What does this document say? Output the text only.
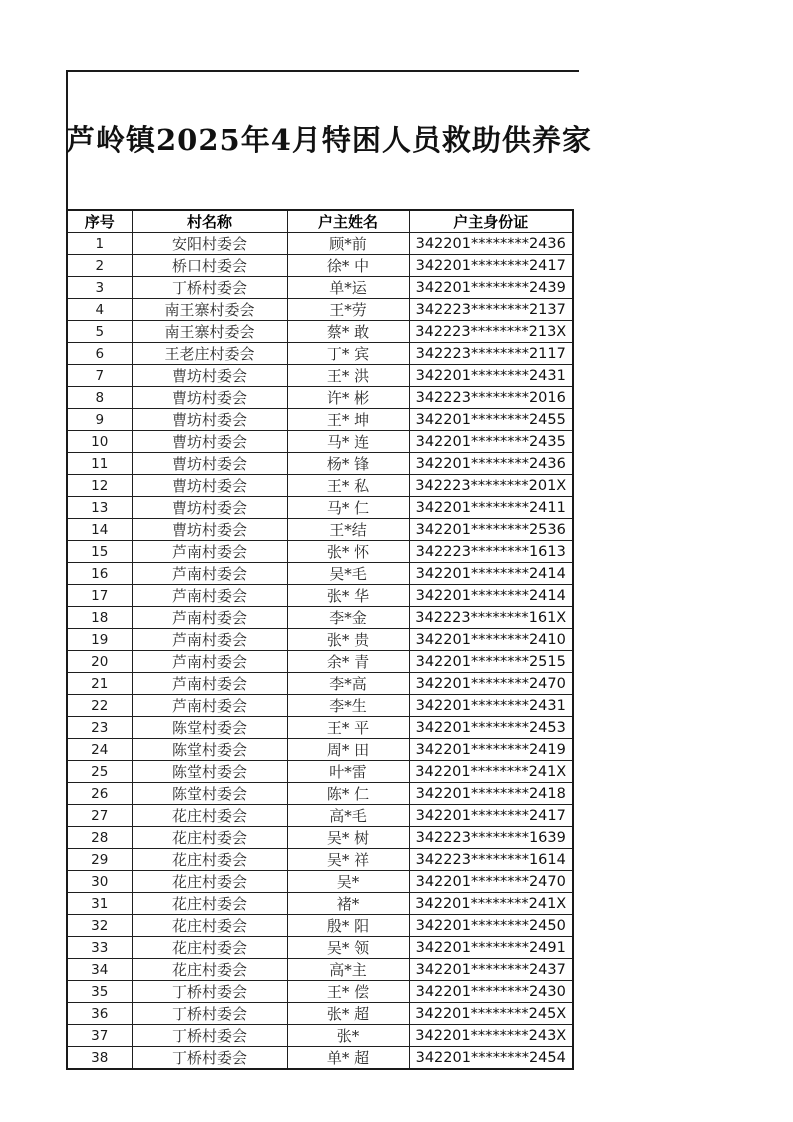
芦岭镇2025年4月特困人员救助供养家
序号	村名称	户主姓名	户主身份证
1	安阳村委会	顾*前	342201********2436
2	桥口村委会	徐* 中	342201********2417
3	丁桥村委会	单*运	342201********2439
4	南王寨村委会	王*劳	342223********2137
5	南王寨村委会	蔡* 敢	342223********213X
6	王老庄村委会	丁* 宾	342223********2117
7	曹坊村委会	王* 洪	342201********2431
8	曹坊村委会	许* 彬	342223********2016
9	曹坊村委会	王* 坤	342201********2455
10	曹坊村委会	马* 连	342201********2435
11	曹坊村委会	杨* 锋	342201********2436
12	曹坊村委会	王* 私	342223********201X
13	曹坊村委会	马* 仁	342201********2411
14	曹坊村委会	王*结	342201********2536
15	芦南村委会	张* 怀	342223********1613
16	芦南村委会	吴*毛	342201********2414
17	芦南村委会	张* 华	342201********2414
18	芦南村委会	李*金	342223********161X
19	芦南村委会	张* 贵	342201********2410
20	芦南村委会	余* 青	342201********2515
21	芦南村委会	李*高	342201********2470
22	芦南村委会	李*生	342201********2431
23	陈堂村委会	王* 平	342201********2453
24	陈堂村委会	周* 田	342201********2419
25	陈堂村委会	叶*雷	342201********241X
26	陈堂村委会	陈* 仁	342201********2418
27	花庄村委会	高*毛	342201********2417
28	花庄村委会	吴* 树	342223********1639
29	花庄村委会	吴* 祥	342223********1614
30	花庄村委会	吴*	342201********2470
31	花庄村委会	褚*	342201********241X
32	花庄村委会	殷* 阳	342201********2450
33	花庄村委会	吴* 领	342201********2491
34	花庄村委会	高*主	342201********2437
35	丁桥村委会	王* 偿	342201********2430
36	丁桥村委会	张* 超	342201********245X
37	丁桥村委会	张*	342201********243X
38	丁桥村委会	单* 超	342201********2454
